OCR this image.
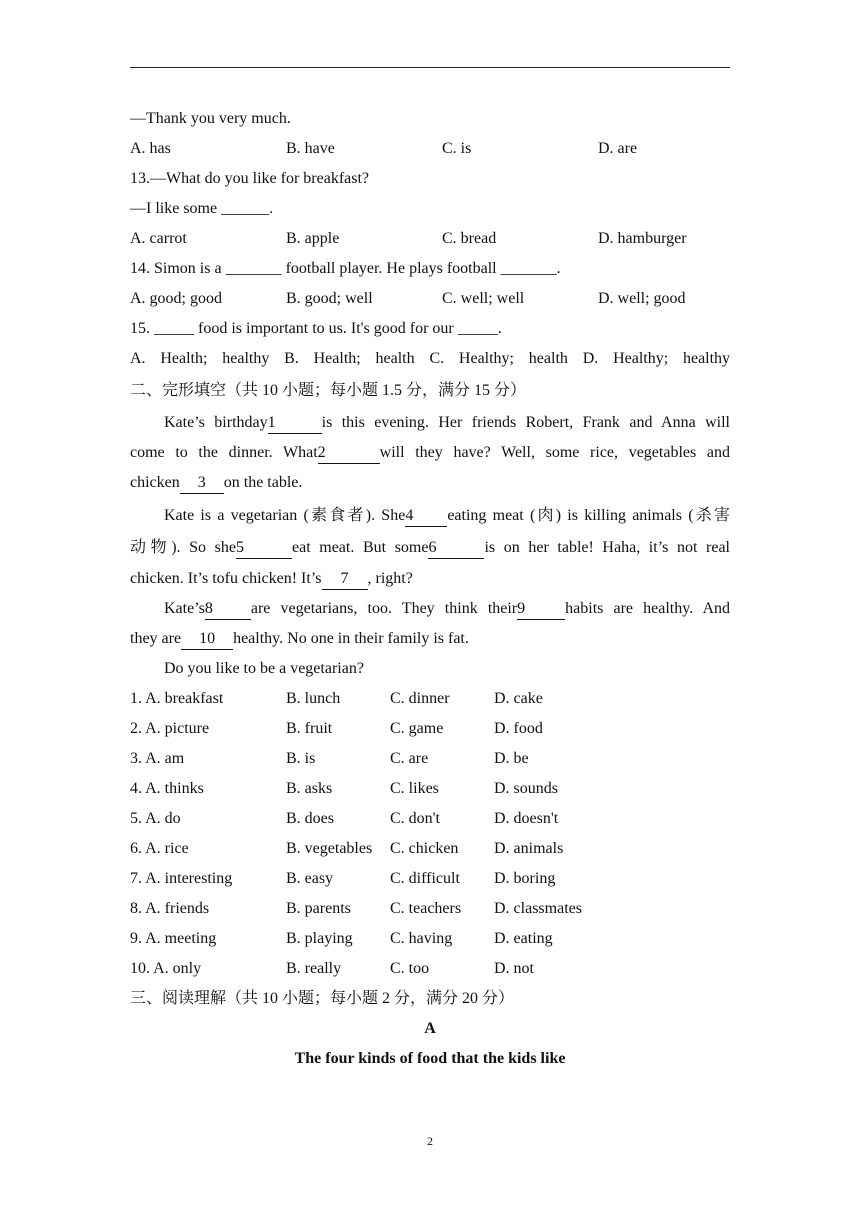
—Thank you very much.
A. has	B. have	C. is	D. are
13.—What do you like for breakfast?
—I like some ______.
A. carrot	B. apple	C. bread	D. hamburger
14. Simon is a _______ football player. He plays football _______.
A. good; good	B. good; well	C. well; well	D. well; good
15. _____ food is important to us. It's good for our _____.
A. Health; healthy B. Health; health C. Healthy; health D. Healthy; healthy
二、完形填空（共 10 小题；每小题 1.5 分，满分 15 分）
Kate’s birthday1	is this evening. Her friends Robert, Frank and Anna will
come to the dinner. What2	will they have? Well, some rice, vegetables and
chicken 3 on the table.
Kate is a vegetarian (素食者). She4 eating meat (肉) is killing animals (杀害
动物). So she5	eat meat. But some6	is on her table! Haha, it’s not real
chicken. It’s tofu chicken! It’s 7 , right?
Kate’s8 are vegetarians, too. They think their9	habits are healthy. And
they are 10 healthy. No one in their family is fat.
Do you like to be a vegetarian?
1. A. breakfast	B. lunch	C. dinner	D. cake
2. A. picture	B. fruit	C. game	D. food
3. A. am	B. is	C. are	D. be
4. A. thinks	B. asks	C. likes	D. sounds
5. A. do	B. does	C. don't	D. doesn't
6. A. rice	B. vegetables C. chicken D. animals
7. A. interesting	B. easy	C. difficult D. boring
8. A. friends	B. parents C. teachers D. classmates
9. A. meeting	B. playing C. having	D. eating
10. A. only	B. really	C. too	D. not
三、阅读理解（共 10 小题；每小题 2 分，满分 20 分）
A
The four kinds of food that the kids like
2
